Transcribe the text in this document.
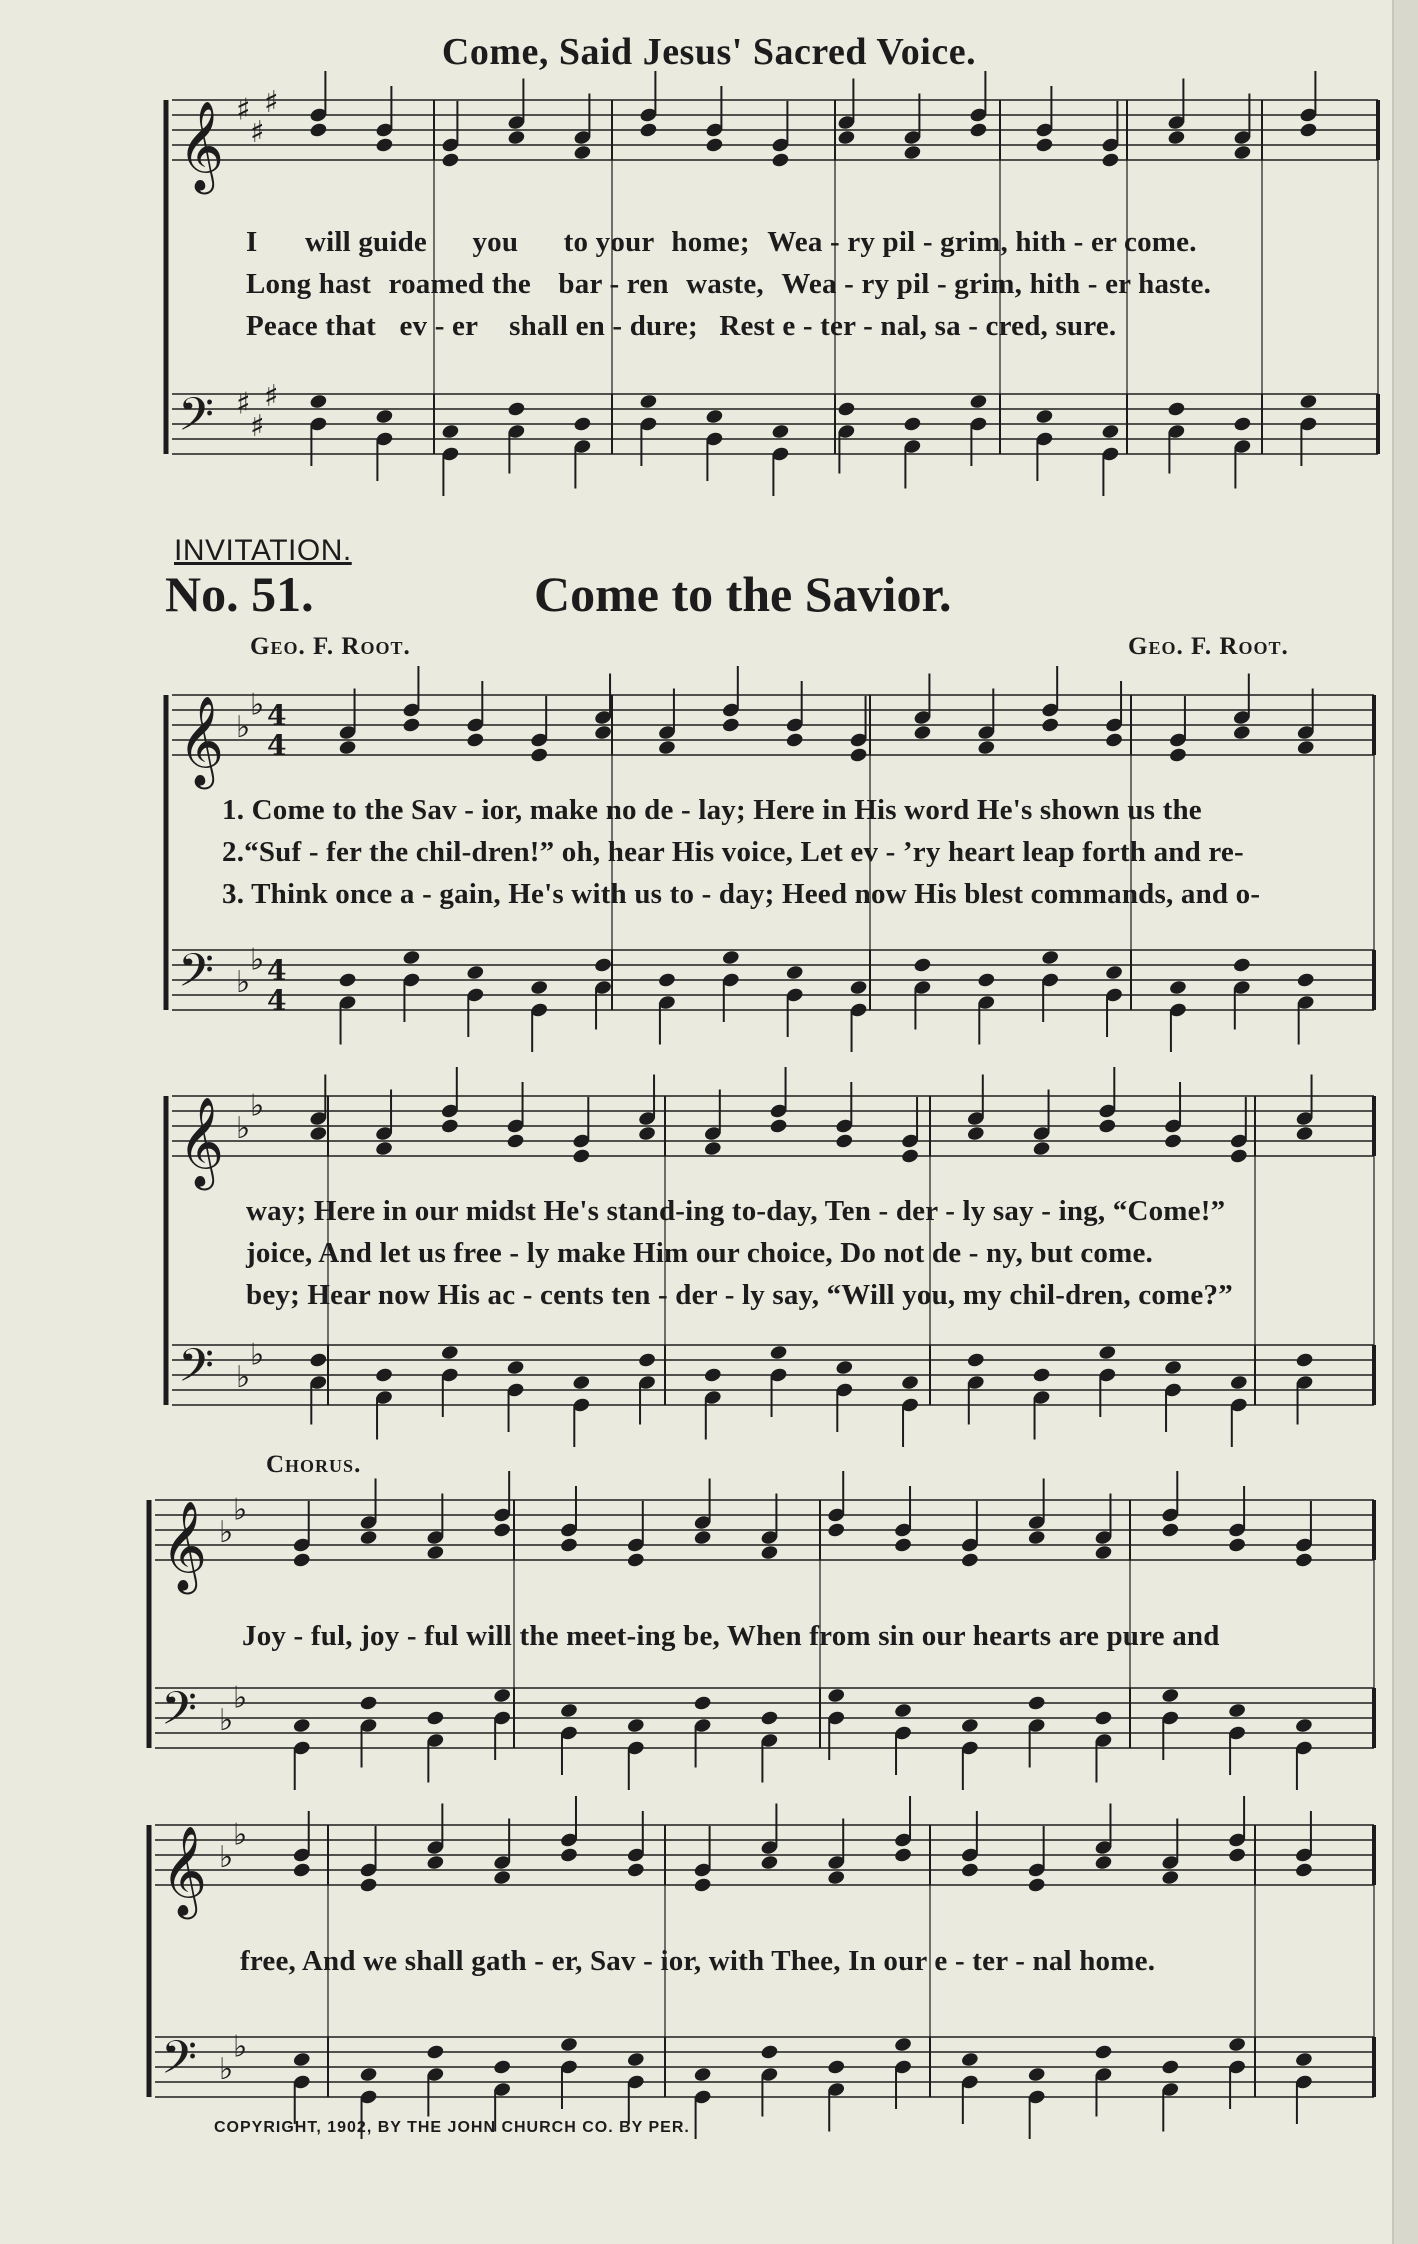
Come, Said Jesus' Sacred Voice.
I will guide you to your home; Wea - ry pil - grim, hith - er come.
Long hast roamed the bar - ren waste, Wea - ry pil - grim, hith - er haste.
Peace that ev - er shall en - dure; Rest e - ter - nal, sa - cred, sure.
INVITATION.
No. 51.	Come to the Savior.
Geo. F. Root.	Geo. F. Root.
1. Come to the Sav - ior, make no de - lay; Here in His word He's shown us the
2.“Suf - fer the chil-dren!” oh, hear His voice, Let ev - ’ry heart leap forth and re-
3. Think once a - gain, He's with us to - day; Heed now His blest commands, and o-
way; Here in our midst He's stand-ing to-day, Ten - der - ly say - ing, “Come!”
joice, And let us free - ly make Him our choice, Do not de - ny, but come.
bey; Hear now His ac - cents ten - der - ly say, “Will you, my chil-dren, come?”
Chorus.
Joy - ful, joy - ful will the meet-ing be, When from sin our hearts are pure and
free, And we shall gath - er, Sav - ior, with Thee, In our e - ter - nal home.
COPYRIGHT, 1902, BY THE JOHN CHURCH CO. BY PER.
𝄞 ♯
♯
♯
𝄢 ♯
♯
♯
𝄞 ♭
♭ 4
4
𝄢 ♭
♭ 4
4
𝄞 ♭
♭
𝄢 ♭
♭
𝄞 ♭
♭
𝄢 ♭
♭
𝄞 ♭
♭
𝄢 ♭
♭
